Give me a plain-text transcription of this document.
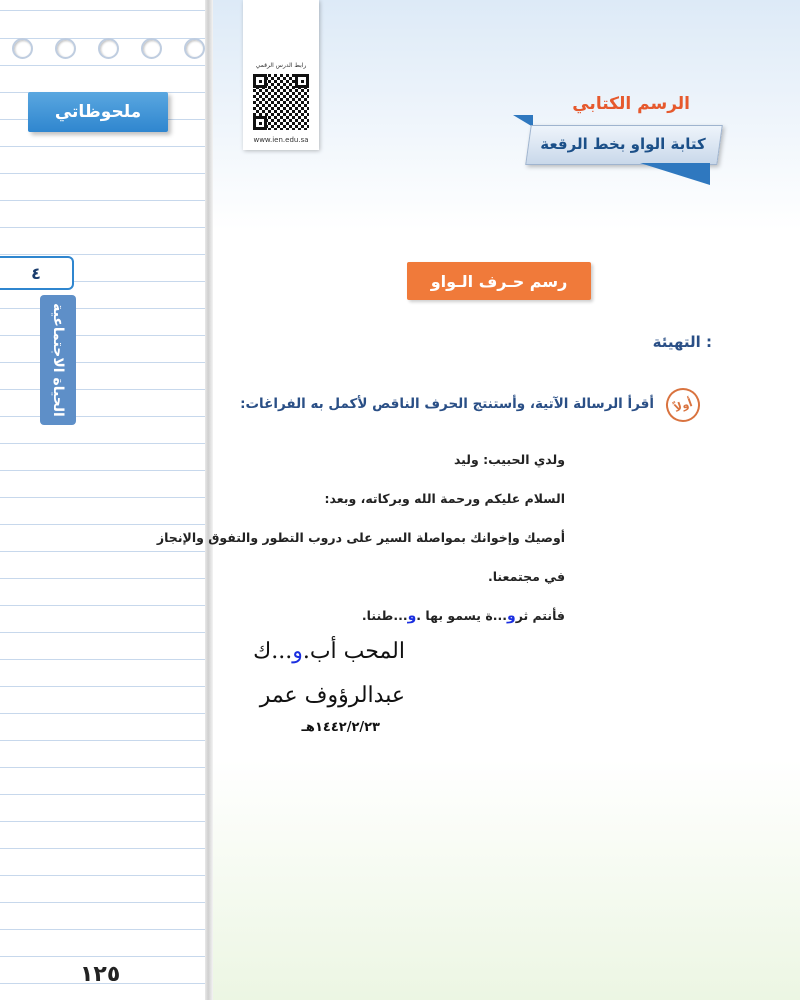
ملحوظاتي
٤
الحياة الاجتماعية
١٢٥
رابط الدرس الرقمي
www.ien.edu.sa
الرسم الكتابي
كتابة الواو بخط الرقعة
رسم حـرف الـواو
التهيئة :
أولاً
أقرأ الرسالة الآتية، وأستنتج الحرف الناقص لأكمل به الفراغات:

ولدي الحبيب: وليد

السلام عليكم ورحمة الله وبركاته، وبعد:

أوصيك وإخوانك بمواصلة السير على دروب التطور والتفوق والإنجاز

في مجتمعنا.

فأنتم ثرو...ة يسمو بها .و...طننا.

المحب أب.و...ك
عبدالرؤوف عمر
١٤٤٢/٢/٢٣هـ
